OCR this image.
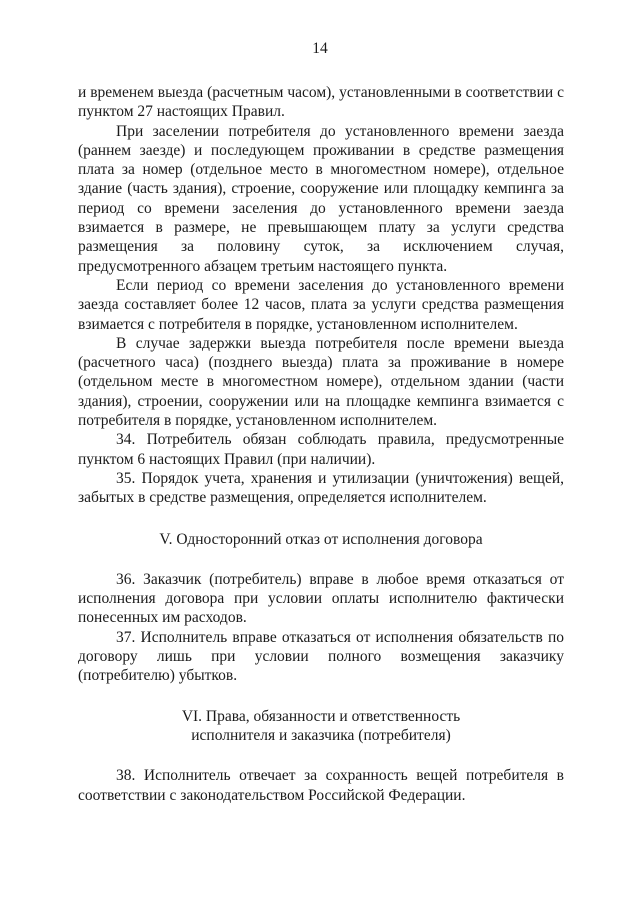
14

и временем выезда (расчетным часом), установленными в соответствии с пунктом 27 настоящих Правил.

При заселении потребителя до установленного времени заезда (раннем заезде) и последующем проживании в средстве размещения плата за номер (отдельное место в многоместном номере), отдельное здание (часть здания), строение, сооружение или площадку кемпинга за период со времени заселения до установленного времени заезда взимается в размере, не превышающем плату за услуги средства размещения за половину суток, за исключением случая, предусмотренного абзацем третьим настоящего пункта.

Если период со времени заселения до установленного времени заезда составляет более 12 часов, плата за услуги средства размещения взимается с потребителя в порядке, установленном исполнителем.

В случае задержки выезда потребителя после времени выезда (расчетного часа) (позднего выезда) плата за проживание в номере (отдельном месте в многоместном номере), отдельном здании (части здания), строении, сооружении или на площадке кемпинга взимается с потребителя в порядке, установленном исполнителем.

34. Потребитель обязан соблюдать правила, предусмотренные пунктом 6 настоящих Правил (при наличии).

35. Порядок учета, хранения и утилизации (уничтожения) вещей, забытых в средстве размещения, определяется исполнителем.

V. Односторонний отказ от исполнения договора

36. Заказчик (потребитель) вправе в любое время отказаться от исполнения договора при условии оплаты исполнителю фактически понесенных им расходов.

37. Исполнитель вправе отказаться от исполнения обязательств по договору лишь при условии полного возмещения заказчику (потребителю) убытков.

VI. Права, обязанности и ответственность

исполнителя и заказчика (потребителя)

38. Исполнитель отвечает за сохранность вещей потребителя в соответствии с законодательством Российской Федерации.
